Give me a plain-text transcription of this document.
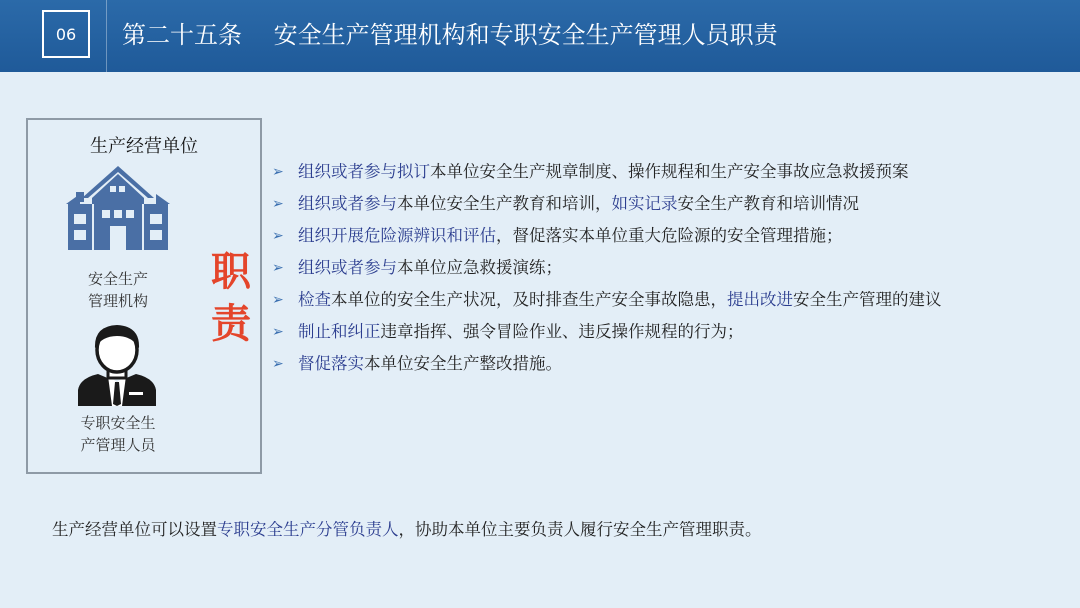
06	第二十五条　 安全生产管理机构和专职安全生产管理人员职责
生产经营单位
安全生产
管理机构
专职安全生
产管理人员
职
责
➢ 组织或者参与拟订本单位安全生产规章制度、操作规程和生产安全事故应急救援预案
➢ 组织或者参与本单位安全生产教育和培训，如实记录安全生产教育和培训情况
➢ 组织开展危险源辨识和评估，督促落实本单位重大危险源的安全管理措施；
➢ 组织或者参与本单位应急救援演练；
➢ 检查本单位的安全生产状况，及时排查生产安全事故隐患，提出改进安全生产管理的建议
➢ 制止和纠正违章指挥、强令冒险作业、违反操作规程的行为；
➢ 督促落实本单位安全生产整改措施。
生产经营单位可以设置专职安全生产分管负责人，协助本单位主要负责人履行安全生产管理职责。
